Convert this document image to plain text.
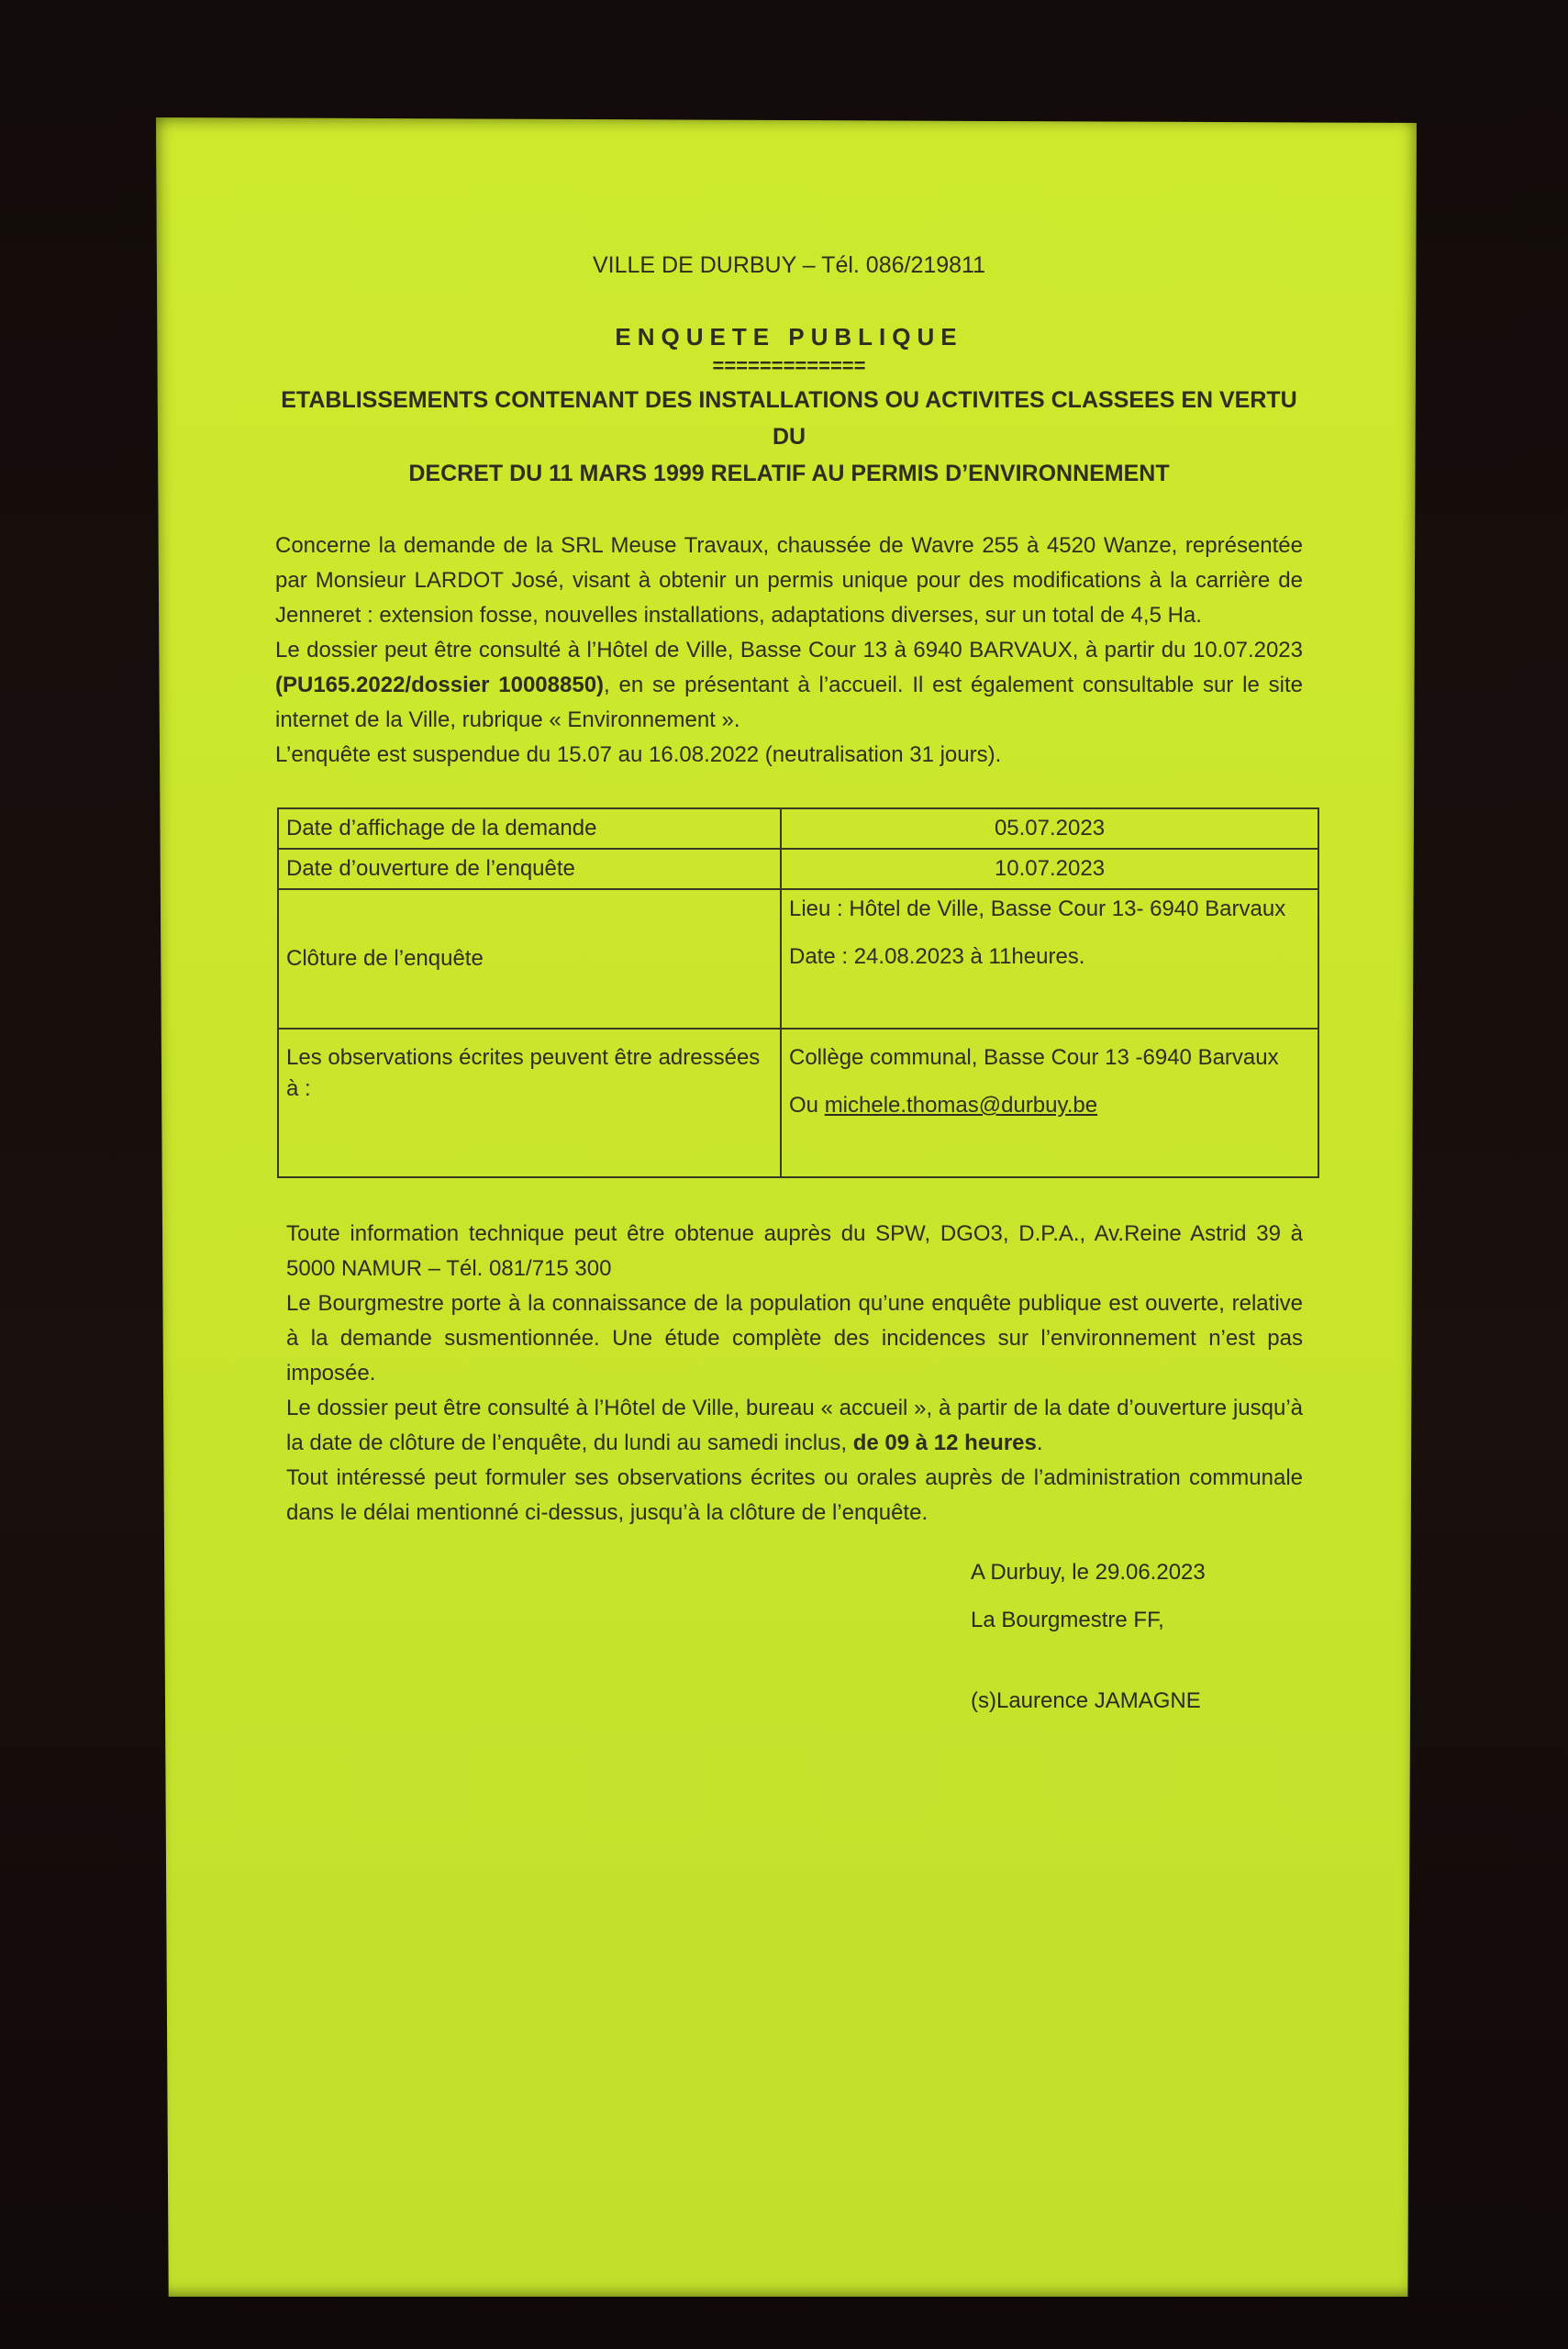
VILLE DE DURBUY – Tél. 086/219811
ENQUETE PUBLIQUE
=============
ETABLISSEMENTS CONTENANT DES INSTALLATIONS OU ACTIVITES CLASSEES EN VERTU DU
DECRET DU 11 MARS 1999 RELATIF AU PERMIS D’ENVIRONNEMENT

Concerne la demande de la SRL Meuse Travaux, chaussée de Wavre 255 à 4520 Wanze, représentée par Monsieur LARDOT José, visant à obtenir un permis unique pour des modifications à la carrière de Jenneret : extension fosse, nouvelles installations, adaptations diverses, sur un total de 4,5 Ha.

Le dossier peut être consulté à l’Hôtel de Ville, Basse Cour 13 à 6940 BARVAUX, à partir du 10.07.2023 (PU165.2022/dossier 10008850), en se présentant à l’accueil. Il est également consultable sur le site internet de la Ville, rubrique « Environnement ».

L’enquête est suspendue du 15.07 au 16.08.2022 (neutralisation 31 jours).

Date d’affichage de la demande	05.07.2023
Date d’ouverture de l’enquête	10.07.2023
Clôture de l’enquête	Lieu : Hôtel de Ville, Basse Cour 13- 6940 Barvaux
Date : 24.08.2023 à 11heures.

Les observations écrites peuvent être adressées à :	Collège communal, Basse Cour 13 -6940 Barvaux
Ou michele.thomas@durbuy.be

Toute information technique peut être obtenue auprès du SPW, DGO3, D.P.A., Av.Reine Astrid 39 à 5000 NAMUR – Tél. 081/715 300

Le Bourgmestre porte à la connaissance de la population qu’une enquête publique est ouverte, relative à la demande susmentionnée. Une étude complète des incidences sur l’environnement n’est pas imposée.

Le dossier peut être consulté à l’Hôtel de Ville, bureau « accueil », à partir de la date d’ouverture jusqu’à la date de clôture de l’enquête, du lundi au samedi inclus, de 09 à 12 heures.

Tout intéressé peut formuler ses observations écrites ou orales auprès de l’administration communale dans le délai mentionné ci-dessus, jusqu’à la clôture de l’enquête.

A Durbuy, le 29.06.2023
La Bourgmestre FF,
(s)Laurence JAMAGNE
